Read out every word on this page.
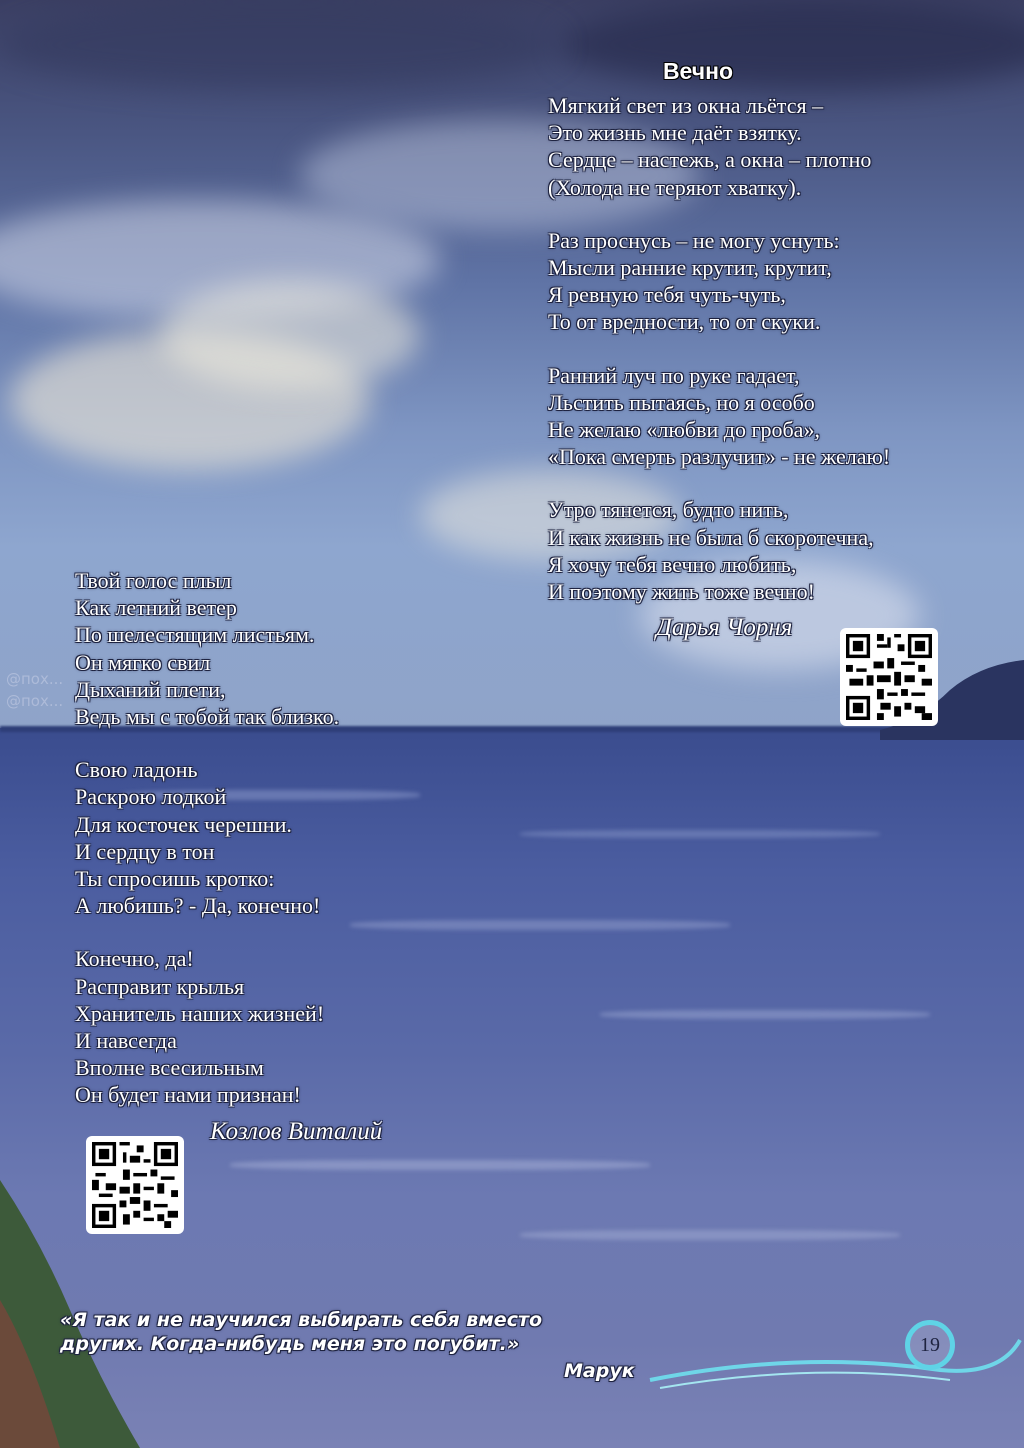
@пох...
@пох...
Вечно
Мягкий свет из окна льётся –
Это жизнь мне даёт взятку.
Сердце – настежь, а окна – плотно
(Холода не теряют хватку).
Раз проснусь – не могу уснуть:
Мысли ранние крутит, крутит,
Я ревную тебя чуть-чуть,
То от вредности, то от скуки.
Ранний луч по руке гадает,
Льстить пытаясь, но я особо
Не желаю «любви до гроба»,
«Пока смерть разлучит» - не желаю!
Утро тянется, будто нить,
И как жизнь не была б скоротечна,
Я хочу тебя вечно любить,
И поэтому жить тоже вечно!
Дарья Чорня
Твой голос плыл
Как летний ветер
По шелестящим листьям.
Он мягко свил
Дыханий плети,
Ведь мы с тобой так близко.
Свою ладонь
Раскрою лодкой
Для косточек черешни.
И сердцу в тон
Ты спросишь кротко:
А любишь? - Да, конечно!
Конечно, да!
Расправит крылья
Хранитель наших жизней!
И навсегда
Вполне всесильным
Он будет нами признан!
Козлов Виталий
«Я так и не научился выбирать себя вместо других. Когда-нибудь меня это погубит.»
Марук
19
